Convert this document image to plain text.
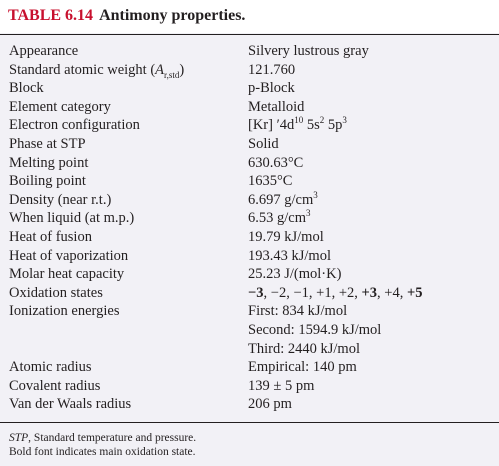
TABLE 6.14 Antimony properties.
Appearance	Silvery lustrous gray
Standard atomic weight $(A_{r,std})$	121.760
Block	p-Block
Element category	Metalloid
Electron configuration	[Kr] $'4d^{10}$ $5s^2$ $5p^3$
Phase at STP	Solid
Melting point	630.63°C
Boiling point	1635°C
Density (near r.t.)	6.697 $g/cm^3$
When liquid (at m.p.)	6.53 $g/cm^3$
Heat of fusion	19.79 kJ/mol
Heat of vaporization	193.43 kJ/mol
Molar heat capacity	25.23 J/(mol·K)
Oxidation states	−3, −2, −1, +1, +2, +3, +4, +5
Ionization energies	First: 834 kJ/mol
Second: 1594.9 kJ/mol
Third: 2440 kJ/mol
Atomic radius	Empirical: 140 pm
Covalent radius	139 ± 5 pm
Van der Waals radius	206 pm
STP, Standard temperature and pressure.
Bold font indicates main oxidation state.
